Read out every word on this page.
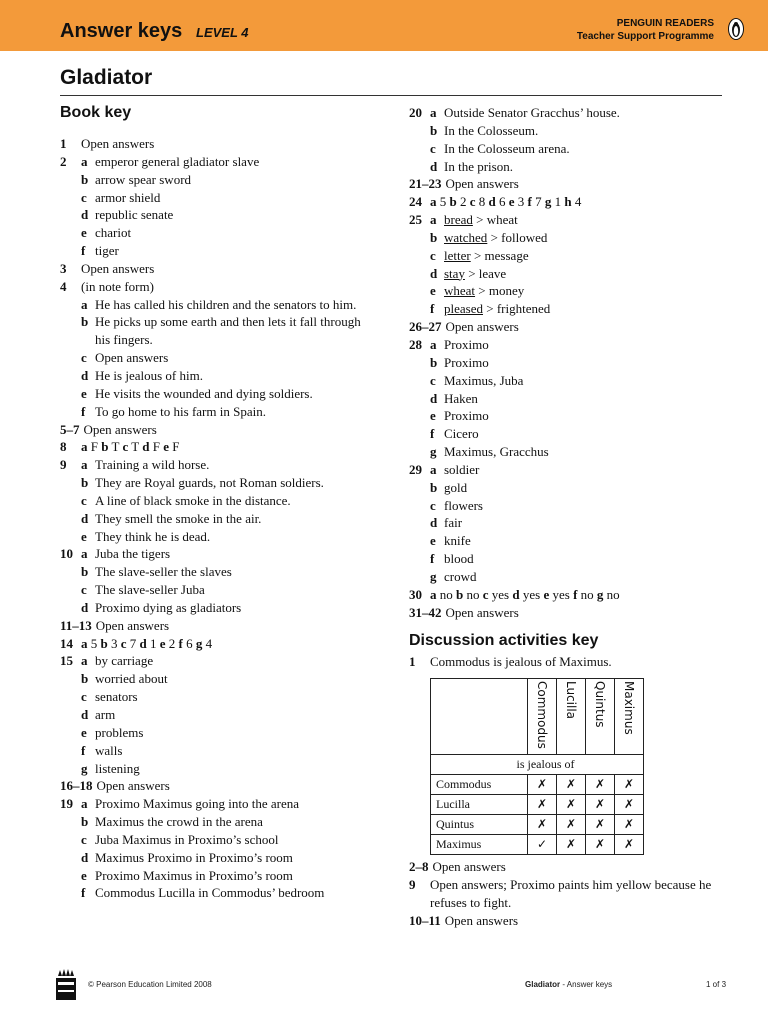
Answer keys LEVEL 4
PENGUIN READERS
Teacher Support Programme
Gladiator
Book key
1 Open answers
2 a emperor general gladiator slave
b arrow spear sword
c armor shield
d republic senate
e chariot
f tiger
3 Open answers
4 (in note form)
a He has called his children and the senators to him.
b He picks up some earth and then lets it fall through
his fingers.
c Open answers
d He is jealous of him.
e He visits the wounded and dying soldiers.
f To go home to his farm in Spain.
5–7 Open answers
8 a F b T c T d F e F
9 a Training a wild horse.
b They are Royal guards, not Roman soldiers.
c A line of black smoke in the distance.
d They smell the smoke in the air.
e They think he is dead.
10 a Juba the tigers
b The slave-seller the slaves
c The slave-seller Juba
d Proximo dying as gladiators
11–13 Open answers
14 a 5 b 3 c 7 d 1 e 2 f 6 g 4
15 a by carriage
b worried about
c senators
d arm
e problems
f walls
g listening
16–18 Open answers
19 a Proximo Maximus going into the arena
b Maximus the crowd in the arena
c Juba Maximus in Proximo’s school
d Maximus Proximo in Proximo’s room
e Proximo Maximus in Proximo’s room
f Commodus Lucilla in Commodus’ bedroom
20 a Outside Senator Gracchus’ house.
b In the Colosseum.
c In the Colosseum arena.
d In the prison.
21–23 Open answers
24 a 5 b 2 c 8 d 6 e 3 f 7 g 1 h 4
25 a bread > wheat
b watched > followed
c letter > message
d stay > leave
e wheat > money
f pleased > frightened
26–27 Open answers
28 a Proximo
b Proximo
c Maximus, Juba
d Haken
e Proximo
f Cicero
g Maximus, Gracchus
29 a soldier
b gold
c flowers
d fair
e knife
f blood
g crowd
30 a no b no c yes d yes e yes f no g no
31–42 Open answers
Discussion activities key
1 Commodus is jealous of Maximus.
	Commodus	Lucilla	Quintus	Maximus
is jealous of				
Commodus	✗	✗	✗	✗
Lucilla	✗	✗	✗	✗
Quintus	✗	✗	✗	✗
Maximus	✓	✗	✗	✗
2–8 Open answers
9 Open answers; Proximo paints him yellow because he
refuses to fight.
10–11 Open answers
© Pearson Education Limited 2008	Gladiator - Answer keys	1 of 3
